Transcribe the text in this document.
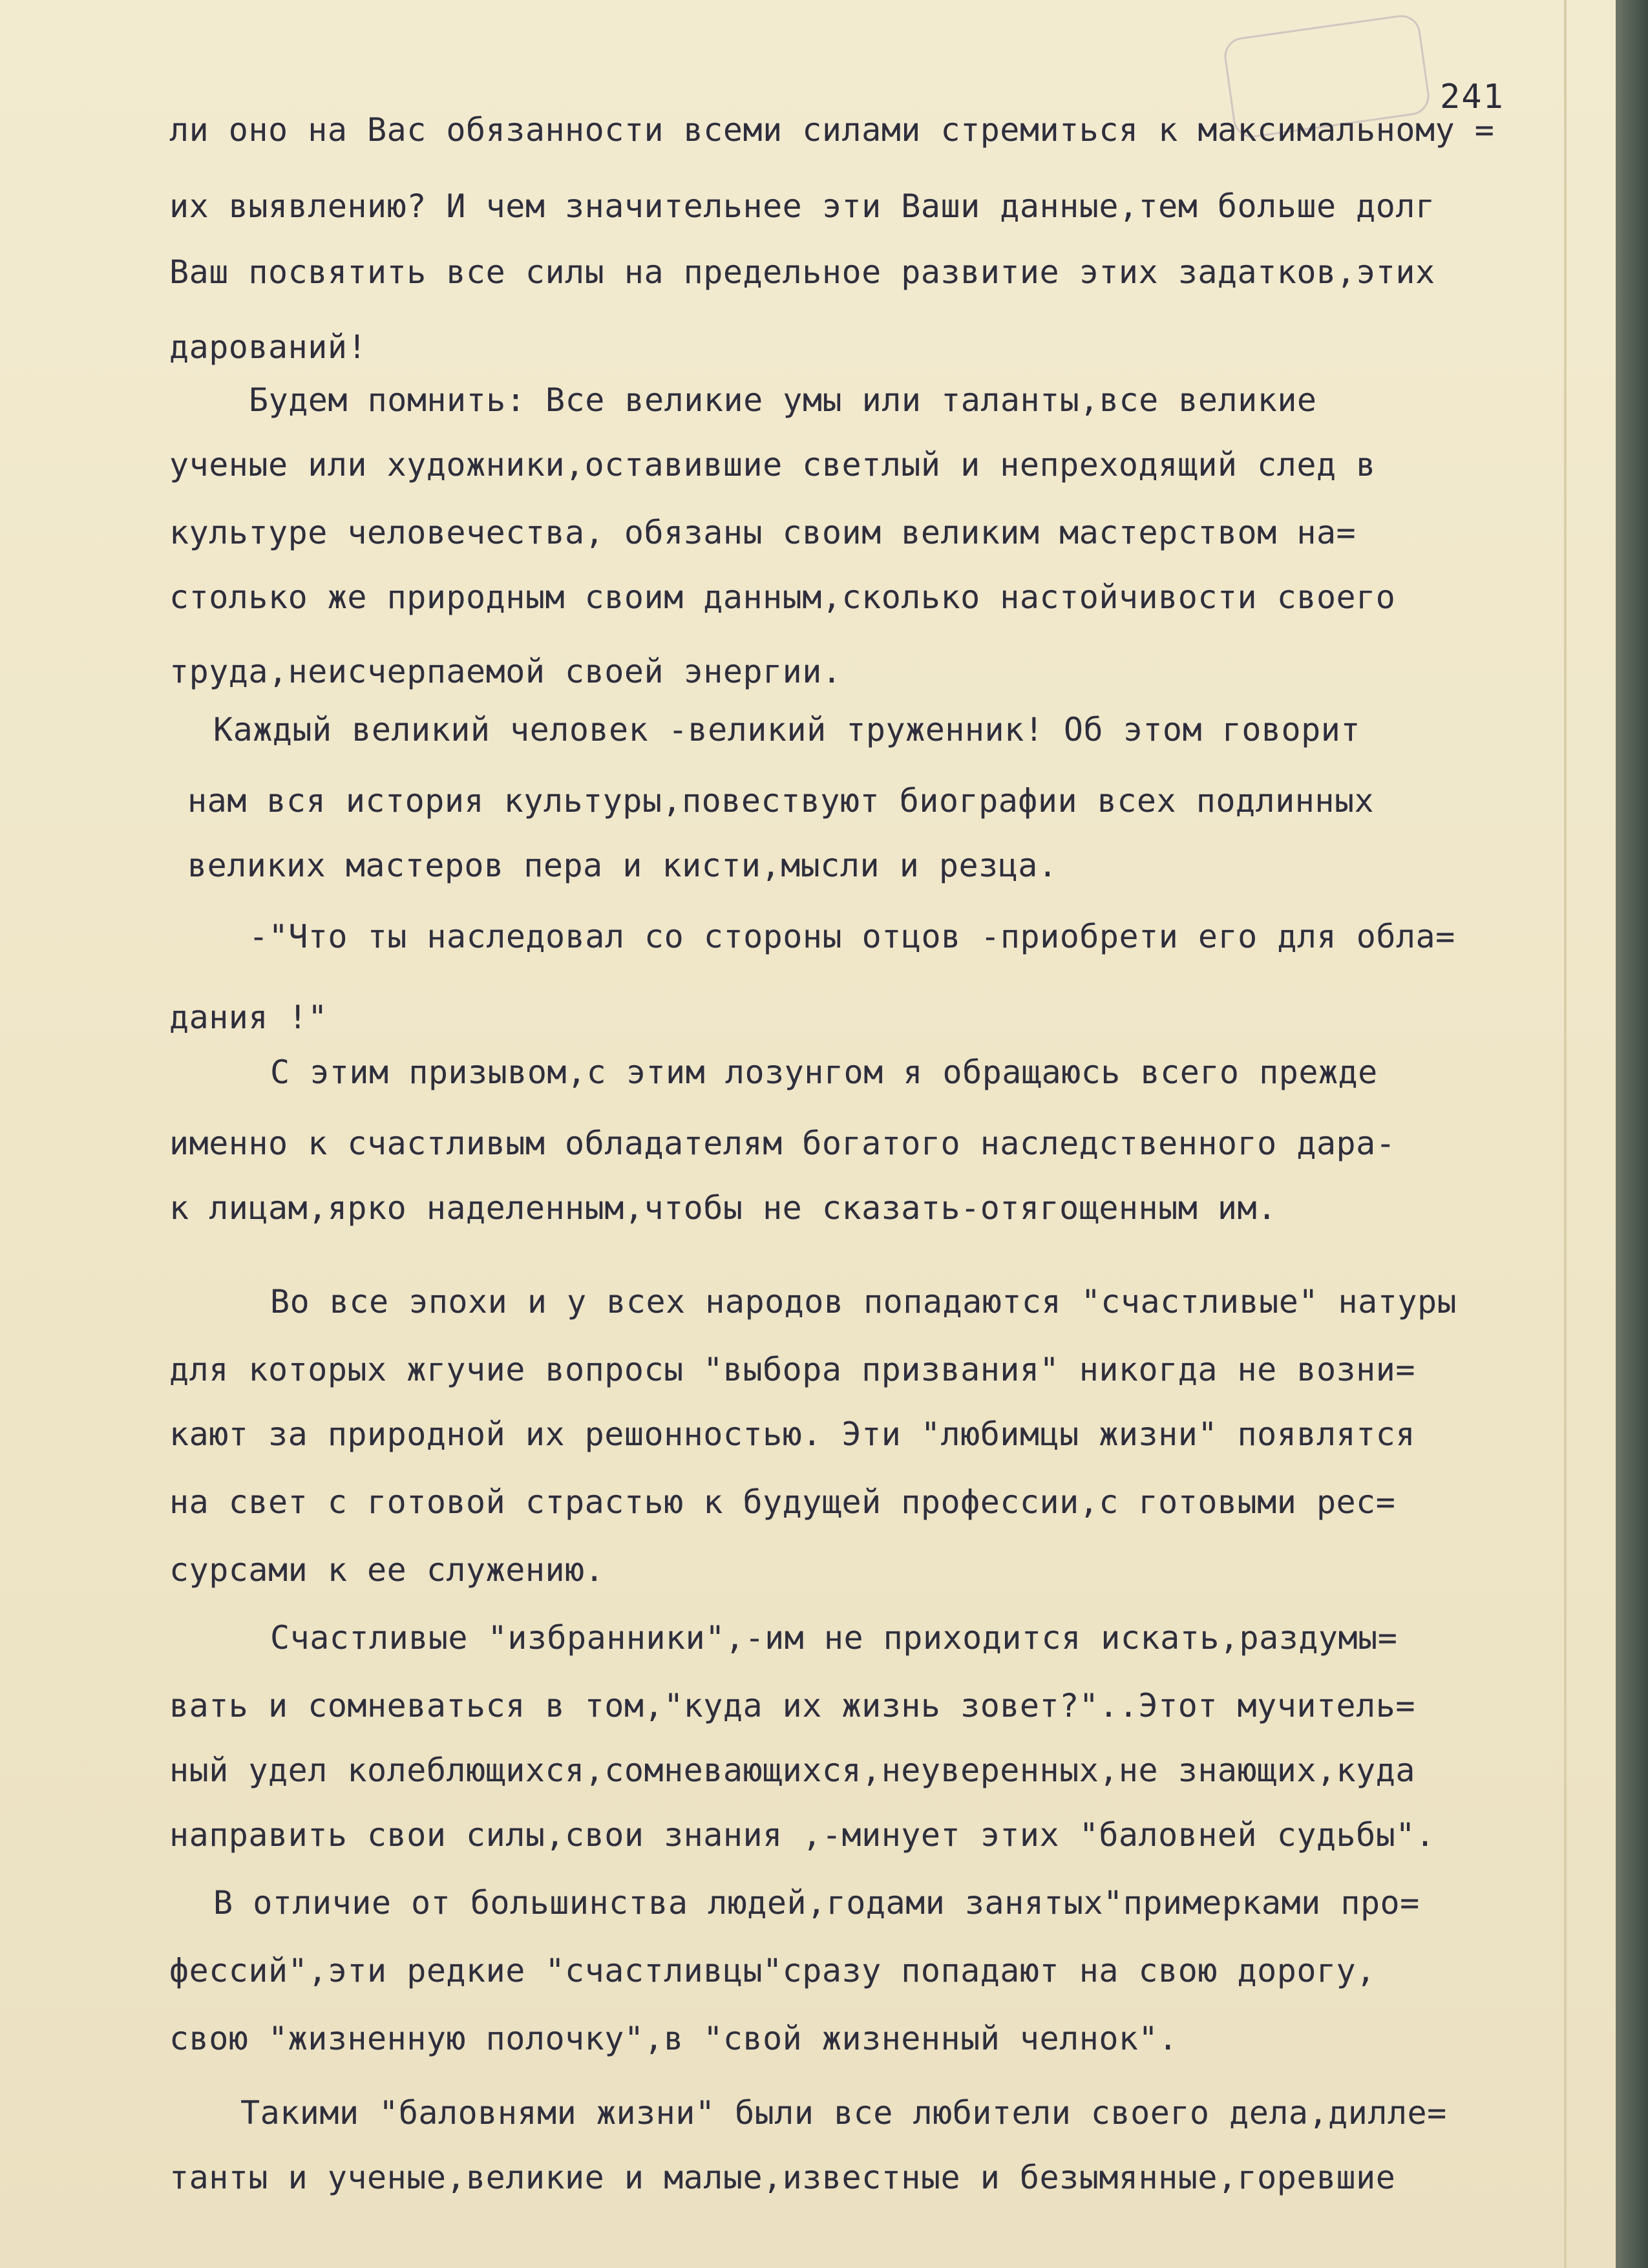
241
ли оно на Вас обязанности всеми силами стремиться к максимальному =
их выявлению? И чем значительнее эти Ваши данные,тем больше долг
Ваш посвятить все силы на предельное развитие этих задатков,этих
дарований!
Будем помнить: Все великие умы или таланты,все великие
ученые или художники,оставившие светлый и непреходящий след в
культуре человечества, обязаны своим великим мастерством на=
столько же природным своим данным,сколько настойчивости своего
труда,неисчерпаемой своей энергии.
Каждый великий человек -великий труженник! Об этом говорит
нам вся история культуры,повествуют биографии всех подлинных
великих мастеров пера и кисти,мысли и резца.
-"Что ты наследовал со стороны отцов -приобрети его для обла=
дания !"
С этим призывом,с этим лозунгом я обращаюсь всего прежде
именно к счастливым обладателям богатого наследственного дара-
к лицам,ярко наделенным,чтобы не сказать-отягощенным им.
Во все эпохи и у всех народов попадаются "счастливые" натуры
для которых жгучие вопросы "выбора призвания" никогда не возни=
кают за природной их решонностью. Эти "любимцы жизни" появлятся
на свет с готовой страстью к будущей профессии,с готовыми рес=
сурсами к ее служению.
Счастливые "избранники",-им не приходится искать,раздумы=
вать и сомневаться в том,"куда их жизнь зовет?"..Этот мучитель=
ный удел колеблющихся,сомневающихся,неуверенных,не знающих,куда
направить свои силы,свои знания ,-минует этих "баловней судьбы".
В отличие от большинства людей,годами занятых"примерками про=
фессий",эти редкие "счастливцы"сразу попадают на свою дорогу,
свою "жизненную полочку",в "свой жизненный челнок".
Такими "баловнями жизни" были все любители своего дела,дилле=
танты и ученые,великие и малые,известные и безымянные,горевшие
